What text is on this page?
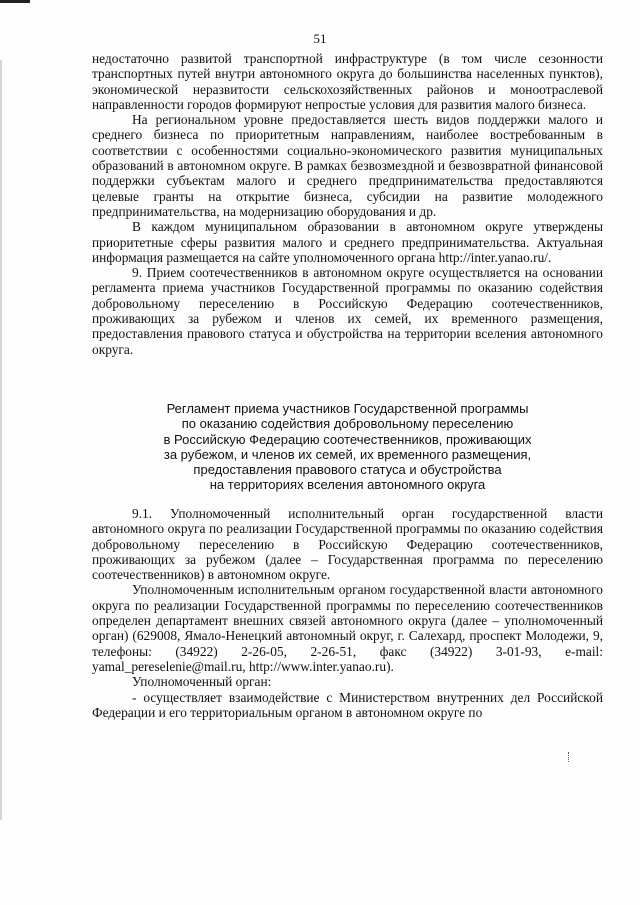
51

недостаточно развитой транспортной инфраструктуре (в том числе сезонности транспортных путей внутри автономного округа до большинства населенных пунктов), экономической неразвитости сельскохозяйственных районов и моноотраслевой направленности городов формируют непростые условия для развития малого бизнеса.

На региональном уровне предоставляется шесть видов поддержки малого и среднего бизнеса по приоритетным направлениям, наиболее востребованным в соответствии с особенностями социально-экономического развития муниципальных образований в автономном округе. В рамках безвозмездной и безвозвратной финансовой поддержки субъектам малого и среднего предпринимательства предоставляются целевые гранты на открытие бизнеса, субсидии на развитие молодежного предпринимательства, на модернизацию оборудования и др.

В каждом муниципальном образовании в автономном округе утверждены приоритетные сферы развития малого и среднего предпринимательства. Актуальная информация размещается на сайте уполномоченного органа http://inter.yanao.ru/.

9. Прием соотечественников в автономном округе осуществляется на основании регламента приема участников Государственной программы по оказанию содействия добровольному переселению в Российскую Федерацию соотечественников, проживающих за рубежом и членов их семей, их временного размещения, предоставления правового статуса и обустройства на территории вселения автономного округа.

Регламент приема участников Государственной программы
по оказанию содействия добровольному переселению
в Российскую Федерацию соотечественников, проживающих
за рубежом, и членов их семей, их временного размещения,
предоставления правового статуса и обустройства
на территориях вселения автономного округа

9.1. Уполномоченный исполнительный орган государственной власти автономного округа по реализации Государственной программы по оказанию содействия добровольному переселению в Российскую Федерацию соотечественников, проживающих за рубежом (далее – Государственная программа по переселению соотечественников) в автономном округе.

Уполномоченным исполнительным органом государственной власти автономного округа по реализации Государственной программы по переселению соотечественников определен департамент внешних связей автономного округа (далее – уполномоченный орган) (629008, Ямало-Ненецкий автономный округ, г. Салехард, проспект Молодежи, 9, телефоны: (34922) 2-26-05, 2-26-51, факс (34922) 3-01-93, e-mail: yamal_pereselenie@mail.ru, http://www.inter.yanao.ru).

Уполномоченный орган:

- осуществляет взаимодействие с Министерством внутренних дел Российской Федерации и его территориальным органом в автономном округе по
